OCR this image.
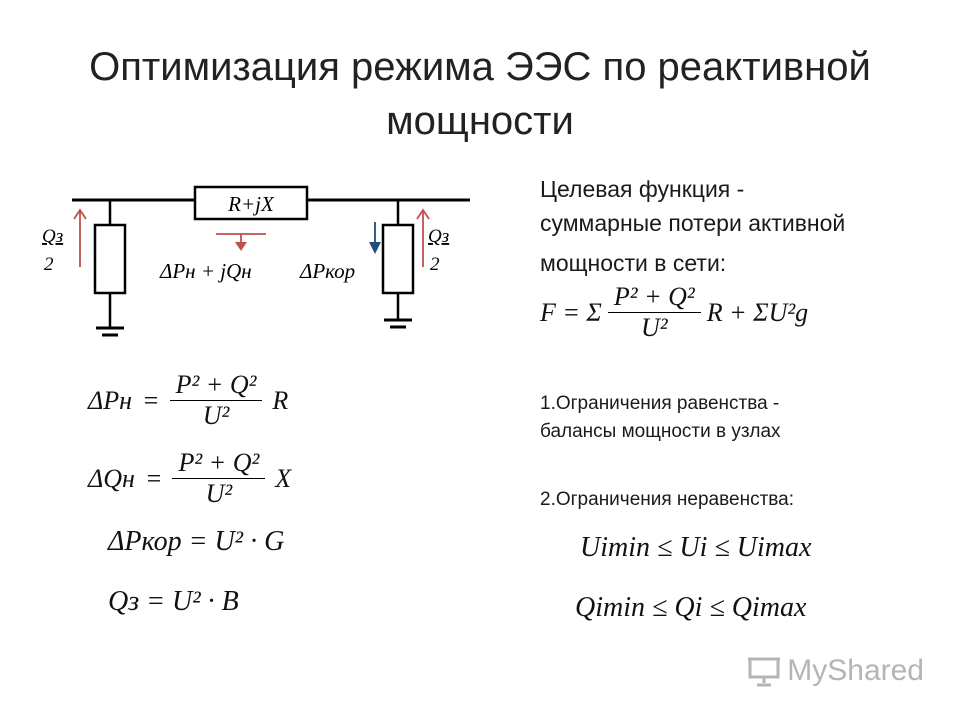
Оптимизация режима ЭЭС по реактивной
мощности
R+jX
Qз
2
Qз
2
ΔPн + jQн ΔPкор
ΔPн =
P² + Q²
U²
R
ΔQн =
P² + Q²
U²
X
ΔPкор = U² · G
Qз = U² · B
Целевая функция -
суммарные потери активной
мощности в сети:
F = Σ
P² + Q²
U²
R + ΣU²g
1.Ограничения равенства -
балансы мощности в узлах
2.Ограничения неравенства:
Uimin ≤ Ui ≤ Uimax
Qimin ≤ Qi ≤ Qimax
MyShared
